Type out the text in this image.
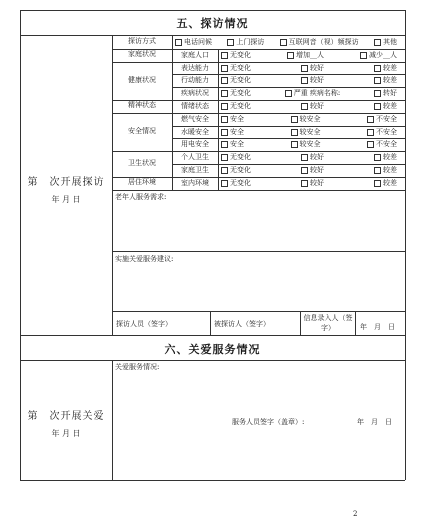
五、探访情况
第　次开展探访
年 月 日
探访方式	电话问候	上门探访	互联网音（视）频探访	其他
家庭状况	家庭人口	无变化	增加__人	减少__人
健康状况
表达能力	无变化	较好	较差
行动能力	无变化	较好	较差
疾病状况	无变化	严重 疾病名称:	转好
精神状态	情绪状态	无变化	较好	较差
安全情况
燃气安全	安全	较安全	不安全
水暖安全	安全	较安全	不安全
用电安全	安全	较安全	不安全
卫生状况
个人卫生	无变化	较好	较差
家庭卫生	无变化	较好	较差
居住环境	室内环境	无变化	较好	较差
老年人服务需求:
实施关爱服务建议:
探访人员（签字）	被探访人（签字）
信息录入人（签字）	年　月　日
六、关爱服务情况
第　次开展关爱
年 月 日
关爱服务情况:
服务人员签字（盖章）:	年　月　日
2
